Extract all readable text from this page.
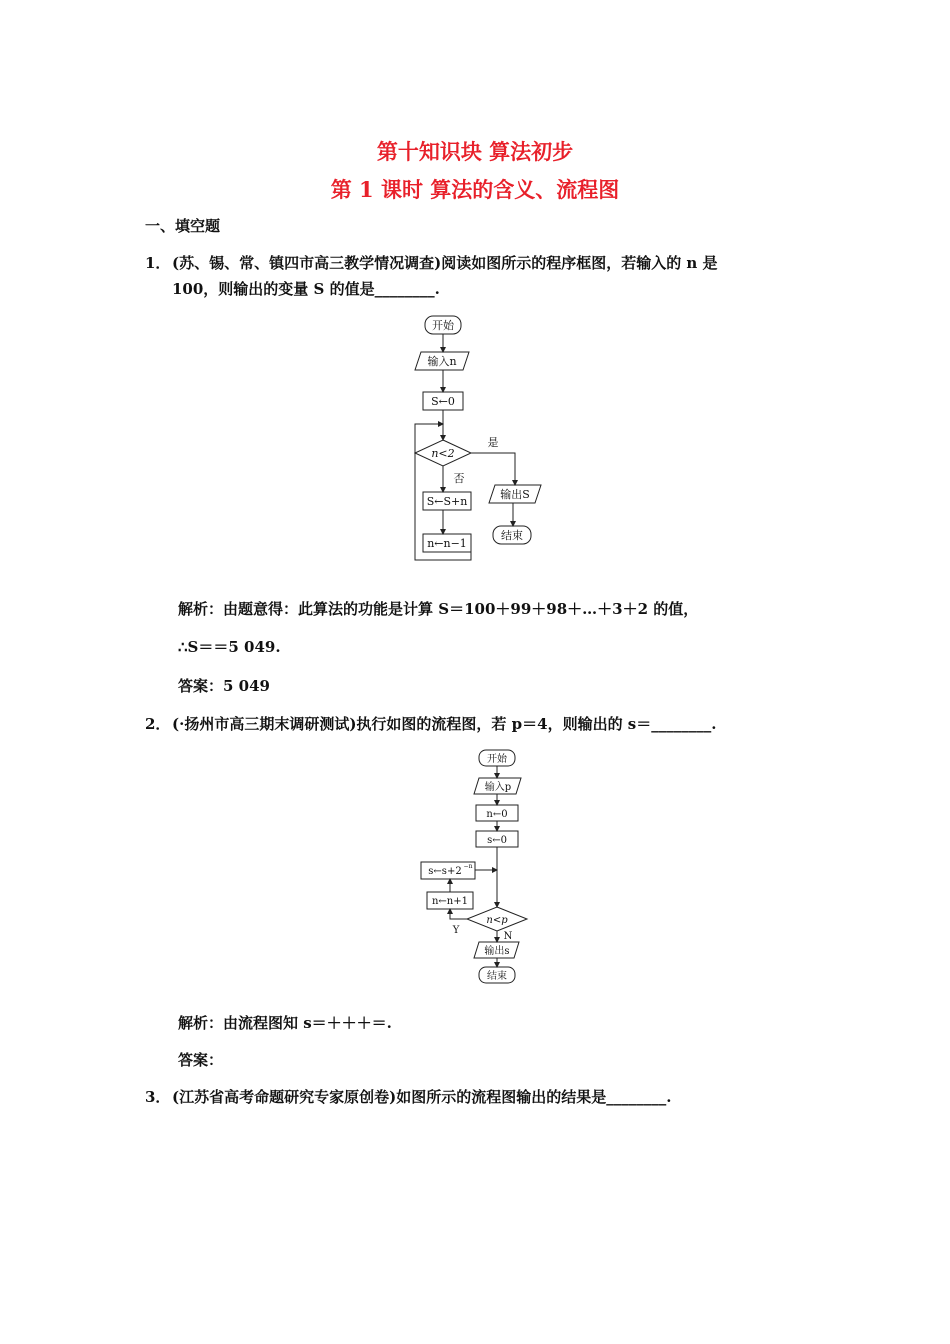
第十知识块 算法初步
第 1 课时 算法的含义、流程图
一、填空题
1． (苏、锡、常、镇四市高三教学情况调查)阅读如图所示的程序框图，若输入的 n 是
100，则输出的变量 S 的值是________.
开始
输入n
S←0
n<2
S←S+n
n←n−1
输出S
结束
是
否
解析：由题意得：此算法的功能是计算 S＝100＋99＋98＋…＋3＋2 的值，
∴S＝＝5 049.
答案：5 049
2． (·扬州市高三期末调研测试)执行如图的流程图，若 p＝4，则输出的 s＝________.
开始
输入p
n←0
s←0
s←s+2 −n
n←n+1
n<p
输出s
结束
Y
N
解析：由流程图知 s＝＋＋＋＝.
答案：
3． (江苏省高考命题研究专家原创卷)如图所示的流程图输出的结果是________.
